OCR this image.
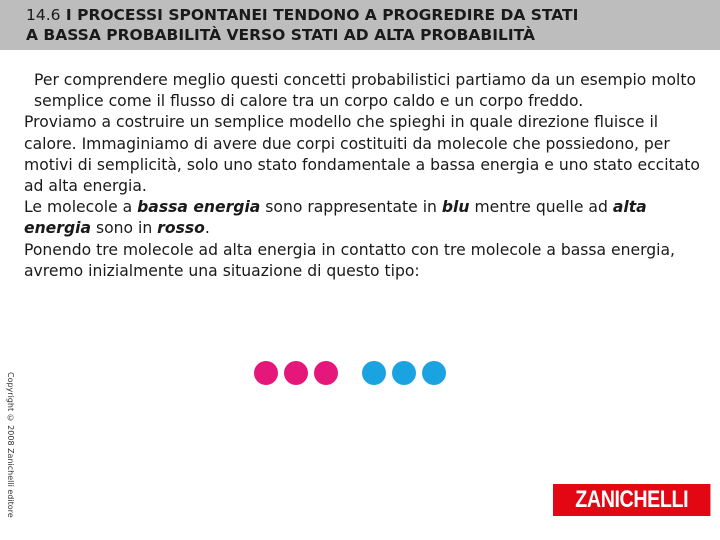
14.6 I PROCESSI SPONTANEI TENDONO A PROGREDIRE DA STATI
A BASSA PROBABILITÀ VERSO STATI AD ALTA PROBABILITÀ

Per comprendere meglio questi concetti probabilistici partiamo da un esempio molto semplice come il flusso di calore tra un corpo caldo e un corpo freddo.

Proviamo a costruire un semplice modello che spieghi in quale direzione fluisce il calore. Immaginiamo di avere due corpi costituiti da molecole che possiedono, per motivi di semplicità, solo uno stato fondamentale a bassa energia e uno stato eccitato ad alta energia.

Le molecole a bassa energia sono rappresentate in blu mentre quelle ad alta energia sono in rosso.

Ponendo tre molecole ad alta energia in contatto con tre molecole a bassa energia, avremo inizialmente una situazione di questo tipo:

Copyright © 2008 Zanichelli editore	ZANICHELLI
